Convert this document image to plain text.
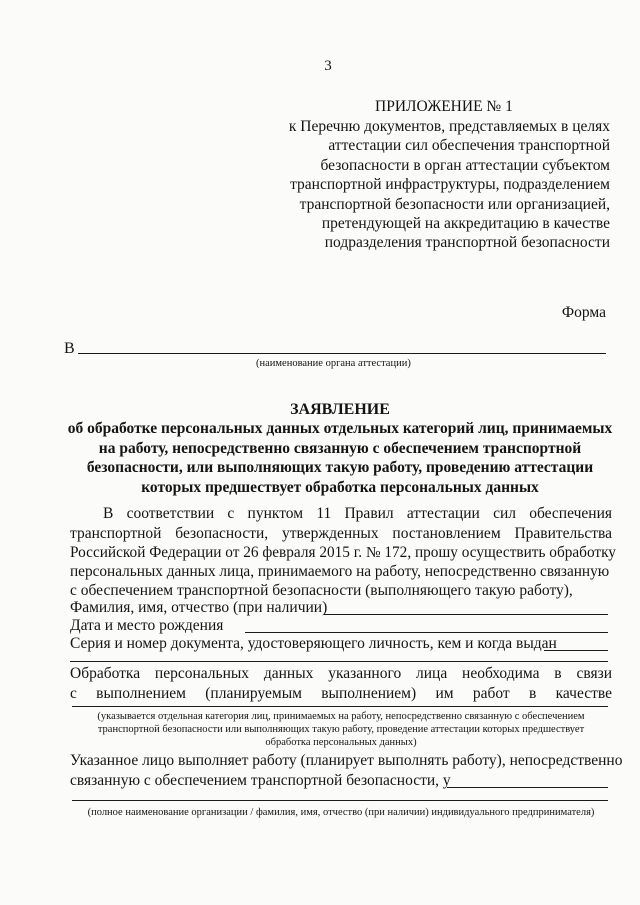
3
ПРИЛОЖЕНИЕ № 1
к Перечню документов, представляемых в целях
аттестации сил обеспечения транспортной
безопасности в орган аттестации субъектом
транспортной инфраструктуры, подразделением
транспортной безопасности или организацией,
претендующей на аккредитацию в качестве
подразделения транспортной безопасности
Форма
В
(наименование органа аттестации)
ЗАЯВЛЕНИЕ
об обработке персональных данных отдельных категорий лиц, принимаемых
на работу, непосредственно связанную с обеспечением транспортной
безопасности, или выполняющих такую работу, проведению аттестации
которых предшествует обработка персональных данных
В соответствии с пунктом 11 Правил аттестации сил обеспечения
транспортной безопасности, утвержденных постановлением Правительства
Российской Федерации от 26 февраля 2015 г. № 172, прошу осуществить обработку
персональных данных лица, принимаемого на работу, непосредственно связанную
с обеспечением транспортной безопасности (выполняющего такую работу),
Фамилия, имя, отчество (при наличии)
Дата и место рождения
Серия и номер документа, удостоверяющего личность, кем и когда выдан
Обработка персональных данных указанного лица необходима в связи
с выполнением (планируемым выполнением) им работ в качестве
(указывается отдельная категория лиц, принимаемых на работу, непосредственно связанную с обеспечением
транспортной безопасности или выполняющих такую работу, проведение аттестации которых предшествует
обработка персональных данных)
Указанное лицо выполняет работу (планирует выполнять работу), непосредственно
связанную с обеспечением транспортной безопасности, у
(полное наименование организации / фамилия, имя, отчество (при наличии) индивидуального предпринимателя)
